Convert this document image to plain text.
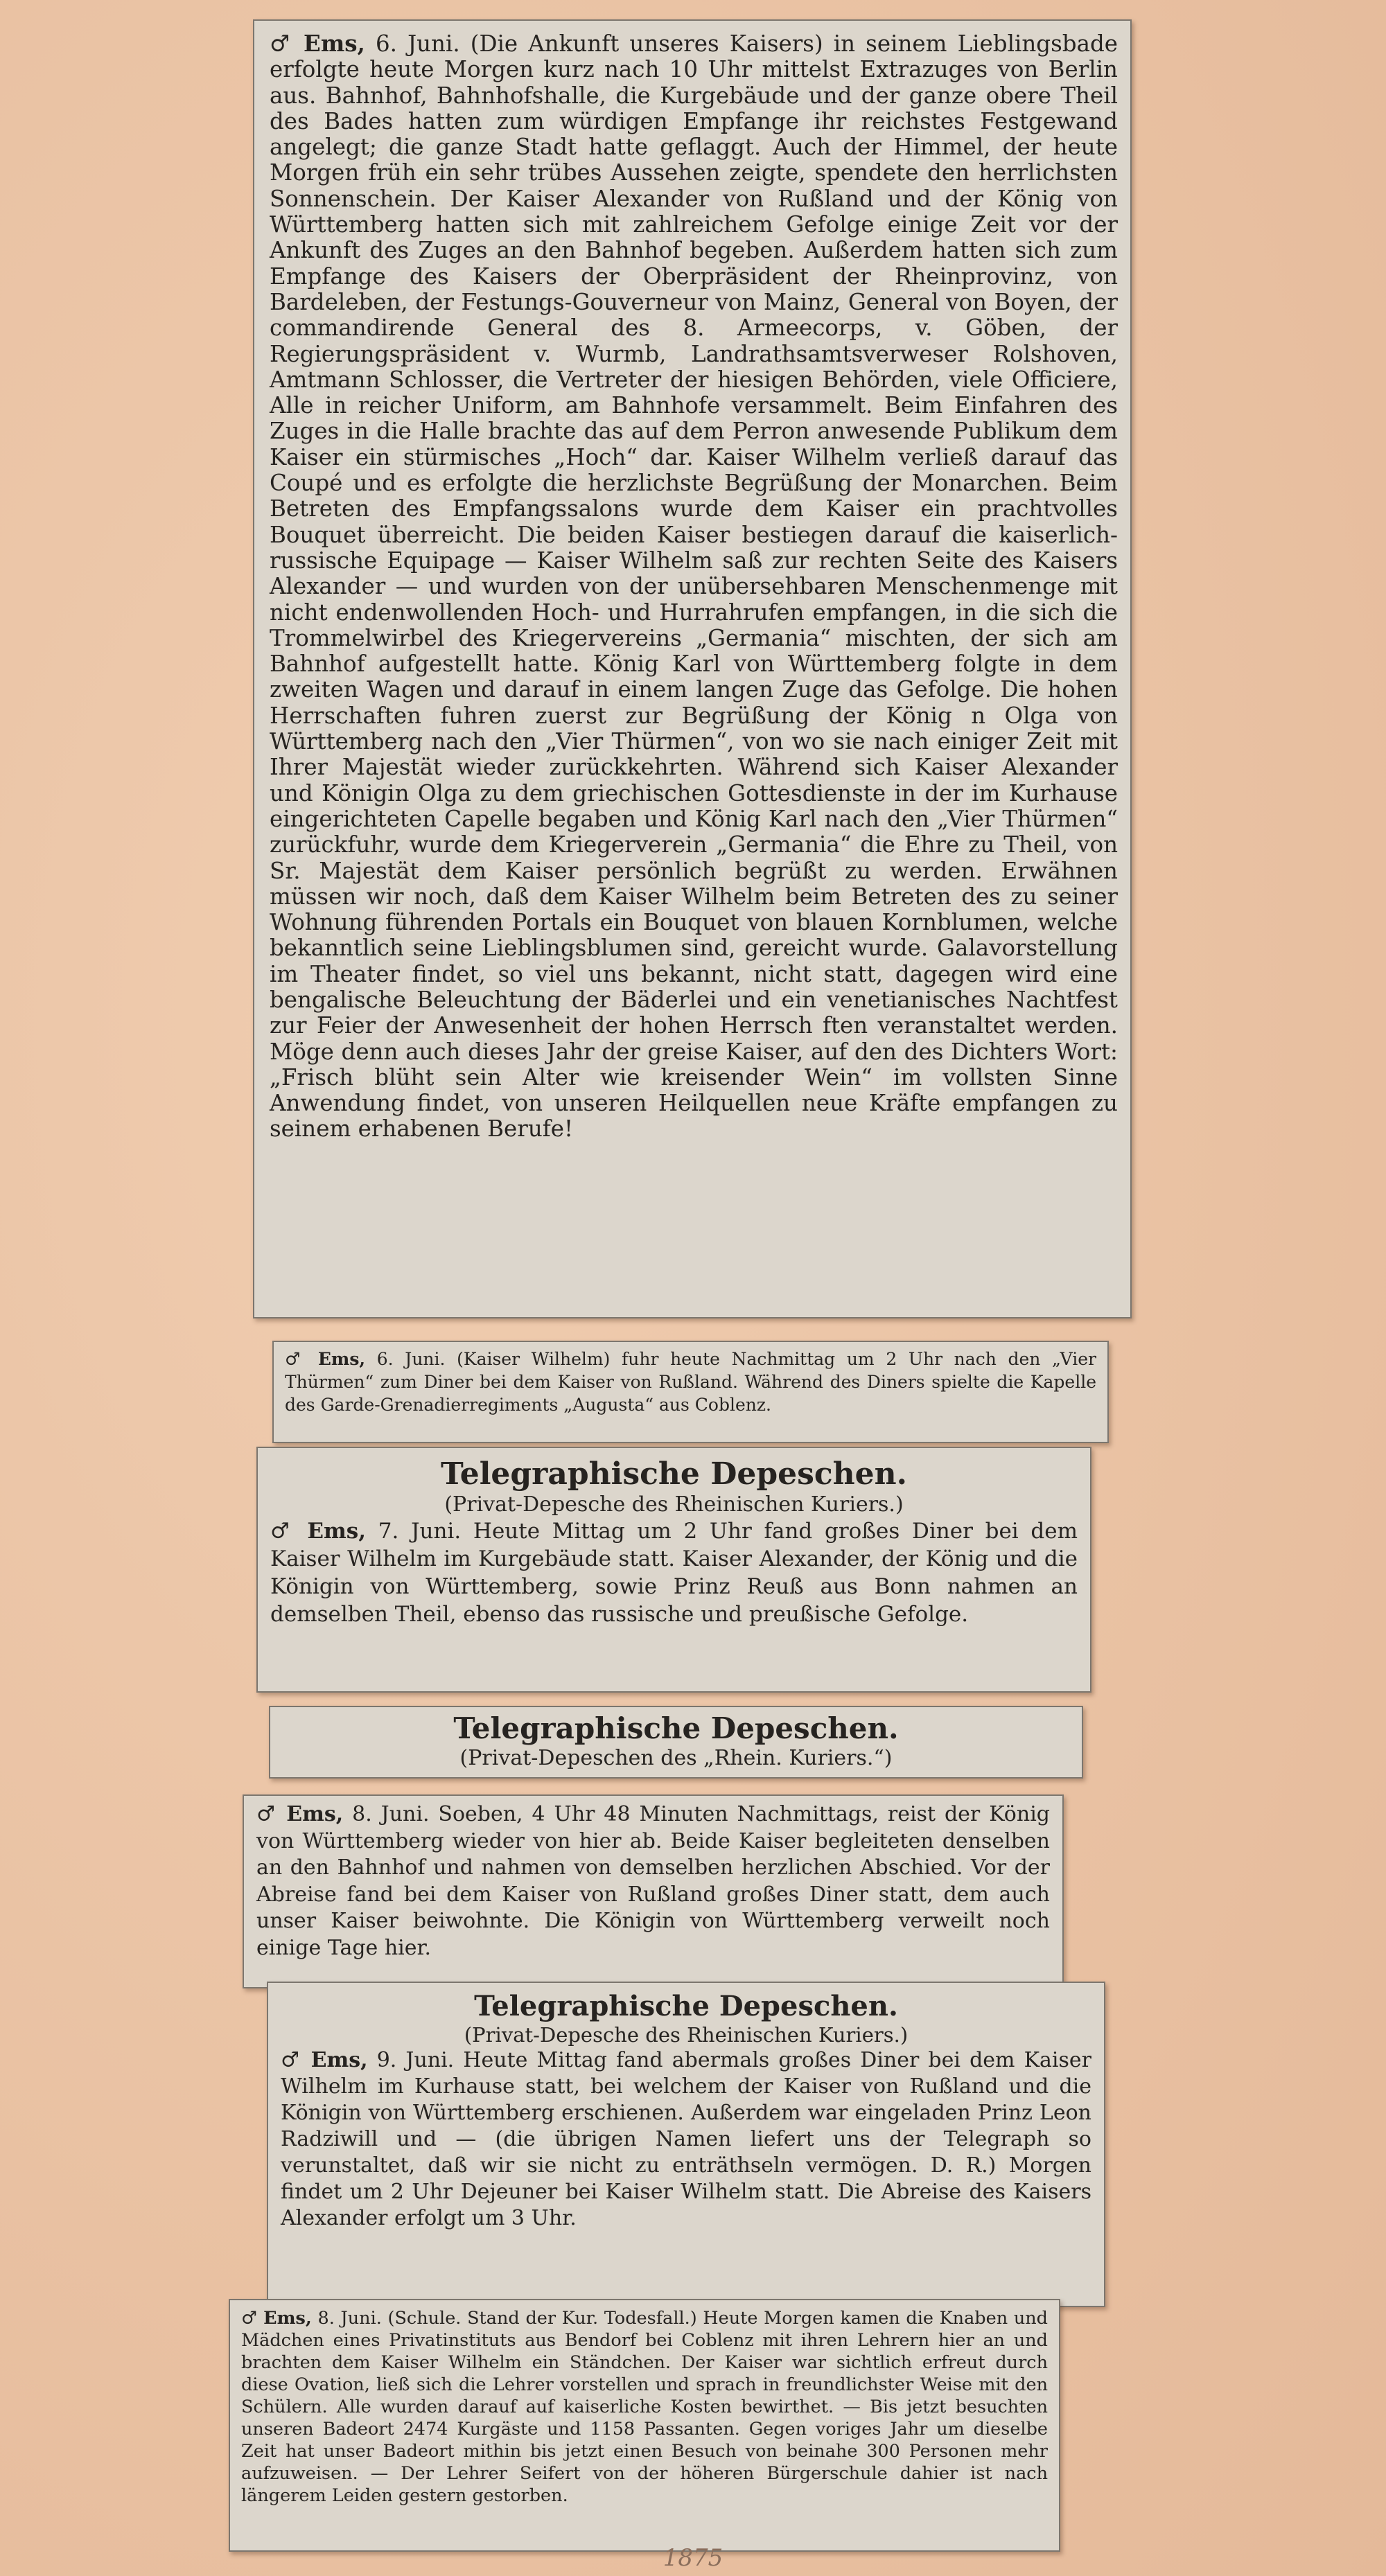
♂ Ems, 6. Juni. (Die Ankunft unseres Kaisers) in seinem Lieblingsbade erfolgte heute Morgen kurz nach 10 Uhr mittelst Extrazuges von Berlin aus. Bahnhof, Bahnhofshalle, die Kurgebäude und der ganze obere Theil des Bades hatten zum würdigen Empfange ihr reichstes Festgewand angelegt; die ganze Stadt hatte geflaggt. Auch der Himmel, der heute Morgen früh ein sehr trübes Aussehen zeigte, spendete den herrlichsten Sonnenschein. Der Kaiser Alexander von Rußland und der König von Württemberg hatten sich mit zahlreichem Gefolge einige Zeit vor der Ankunft des Zuges an den Bahnhof begeben. Außerdem hatten sich zum Empfange des Kaisers der Oberpräsident der Rheinprovinz, von Bardeleben, der Festungs-Gouverneur von Mainz, General von Boyen, der commandirende General des 8. Armeecorps, v. Göben, der Regierungspräsident v. Wurmb, Landrathsamtsverweser Rolshoven, Amtmann Schlosser, die Vertreter der hiesigen Behörden, viele Officiere, Alle in reicher Uniform, am Bahnhofe versammelt. Beim Einfahren des Zuges in die Halle brachte das auf dem Perron anwesende Publikum dem Kaiser ein stürmisches „Hoch“ dar. Kaiser Wilhelm verließ darauf das Coupé und es erfolgte die herzlichste Begrüßung der Monarchen. Beim Betreten des Empfangssalons wurde dem Kaiser ein prachtvolles Bouquet überreicht. Die beiden Kaiser bestiegen darauf die kaiserlich-russische Equipage — Kaiser Wilhelm saß zur rechten Seite des Kaisers Alexander — und wurden von der unübersehbaren Menschenmenge mit nicht endenwollenden Hoch- und Hurrahrufen empfangen, in die sich die Trommelwirbel des Kriegervereins „Germania“ mischten, der sich am Bahnhof aufgestellt hatte. König Karl von Württemberg folgte in dem zweiten Wagen und darauf in einem langen Zuge das Gefolge. Die hohen Herrschaften fuhren zuerst zur Begrüßung der König n Olga von Württemberg nach den „Vier Thürmen“, von wo sie nach einiger Zeit mit Ihrer Majestät wieder zurückkehrten. Während sich Kaiser Alexander und Königin Olga zu dem griechischen Gottesdienste in der im Kurhause eingerichteten Capelle begaben und König Karl nach den „Vier Thürmen“ zurückfuhr, wurde dem Kriegerverein „Germania“ die Ehre zu Theil, von Sr. Majestät dem Kaiser persönlich begrüßt zu werden. Erwähnen müssen wir noch, daß dem Kaiser Wilhelm beim Betreten des zu seiner Wohnung führenden Portals ein Bouquet von blauen Kornblumen, welche bekanntlich seine Lieblingsblumen sind, gereicht wurde. Galavorstellung im Theater findet, so viel uns bekannt, nicht statt, dagegen wird eine bengalische Beleuchtung der Bäderlei und ein venetianisches Nachtfest zur Feier der Anwesenheit der hohen Herrsch ften veranstaltet werden. Möge denn auch dieses Jahr der greise Kaiser, auf den des Dichters Wort: „Frisch blüht sein Alter wie kreisender Wein“ im vollsten Sinne Anwendung findet, von unseren Heilquellen neue Kräfte empfangen zu seinem erhabenen Berufe!

♂ Ems, 6. Juni. (Kaiser Wilhelm) fuhr heute Nachmittag um 2 Uhr nach den „Vier Thürmen“ zum Diner bei dem Kaiser von Rußland. Während des Diners spielte die Kapelle des Garde-Grenadierregiments „Augusta“ aus Coblenz.

Telegraphische Depeschen.
(Privat-Depesche des Rheinischen Kuriers.)

♂ Ems, 7. Juni. Heute Mittag um 2 Uhr fand großes Diner bei dem Kaiser Wilhelm im Kurgebäude statt. Kaiser Alexander, der König und die Königin von Württemberg, sowie Prinz Reuß aus Bonn nahmen an demselben Theil, ebenso das russische und preußische Gefolge.

Telegraphische Depeschen.
(Privat-Depeschen des „Rhein. Kuriers.“)

♂ Ems, 8. Juni. Soeben, 4 Uhr 48 Minuten Nachmittags, reist der König von Württemberg wieder von hier ab. Beide Kaiser begleiteten denselben an den Bahnhof und nahmen von demselben herzlichen Abschied. Vor der Abreise fand bei dem Kaiser von Rußland großes Diner statt, dem auch unser Kaiser beiwohnte. Die Königin von Württemberg verweilt noch einige Tage hier.

Telegraphische Depeschen.
(Privat-Depesche des Rheinischen Kuriers.)

♂ Ems, 9. Juni. Heute Mittag fand abermals großes Diner bei dem Kaiser Wilhelm im Kurhause statt, bei welchem der Kaiser von Rußland und die Königin von Württemberg erschienen. Außerdem war eingeladen Prinz Leon Radziwill und — (die übrigen Namen liefert uns der Telegraph so verunstaltet, daß wir sie nicht zu enträthseln vermögen. D. R.) Morgen findet um 2 Uhr Dejeuner bei Kaiser Wilhelm statt. Die Abreise des Kaisers Alexander erfolgt um 3 Uhr.

♂ Ems, 8. Juni. (Schule. Stand der Kur. Todesfall.) Heute Morgen kamen die Knaben und Mädchen eines Privatinstituts aus Bendorf bei Coblenz mit ihren Lehrern hier an und brachten dem Kaiser Wilhelm ein Ständchen. Der Kaiser war sichtlich erfreut durch diese Ovation, ließ sich die Lehrer vorstellen und sprach in freundlichster Weise mit den Schülern. Alle wurden darauf auf kaiserliche Kosten bewirthet. — Bis jetzt besuchten unseren Badeort 2474 Kurgäste und 1158 Passanten. Gegen voriges Jahr um dieselbe Zeit hat unser Badeort mithin bis jetzt einen Besuch von beinahe 300 Personen mehr aufzuweisen. — Der Lehrer Seifert von der höheren Bürgerschule dahier ist nach längerem Leiden gestern gestorben.

1875
